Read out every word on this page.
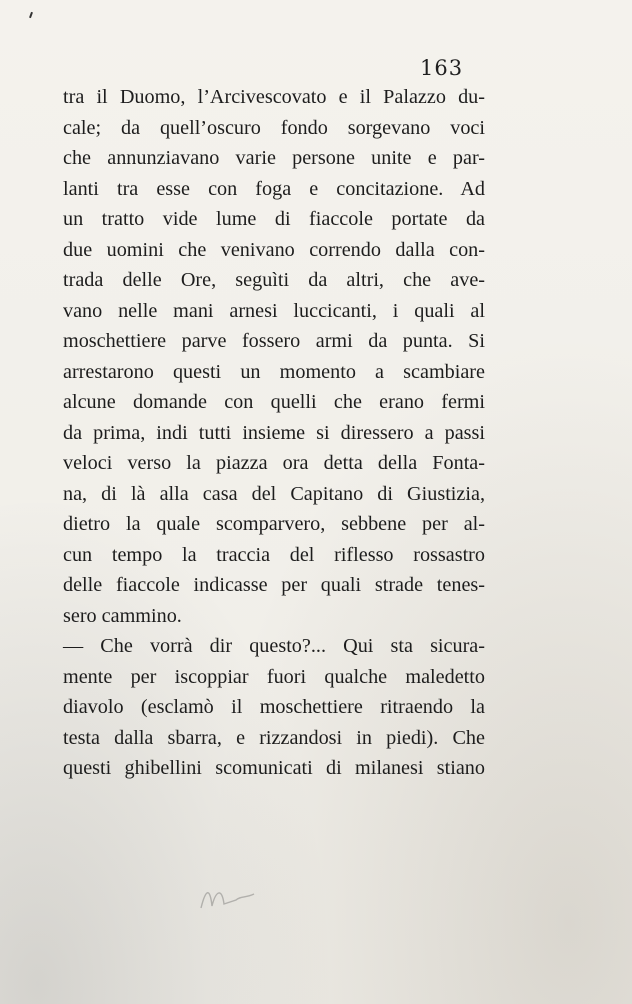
163
tra il Duomo, l’Arcivescovato e il Palazzo du-
cale; da quell’oscuro fondo sorgevano voci
che annunziavano varie persone unite e par-
lanti tra esse con foga e concitazione. Ad
un tratto vide lume di fiaccole portate da
due uomini che venivano correndo dalla con-
trada delle Ore, seguìti da altri, che ave-
vano nelle mani arnesi luccicanti, i quali al
moschettiere parve fossero armi da punta. Si
arrestarono questi un momento a scambiare
alcune domande con quelli che erano fermi
da prima, indi tutti insieme si diressero a passi
veloci verso la piazza ora detta della Fonta-
na, di là alla casa del Capitano di Giustizia,
dietro la quale scomparvero, sebbene per al-
cun tempo la traccia del riflesso rossastro
delle fiaccole indicasse per quali strade tenes-
sero cammino.
— Che vorrà dir questo?... Qui sta sicura-
mente per iscoppiar fuori qualche maledetto
diavolo (esclamò il moschettiere ritraendo la
testa dalla sbarra, e rizzandosi in piedi). Che
questi ghibellini scomunicati di milanesi stiano
